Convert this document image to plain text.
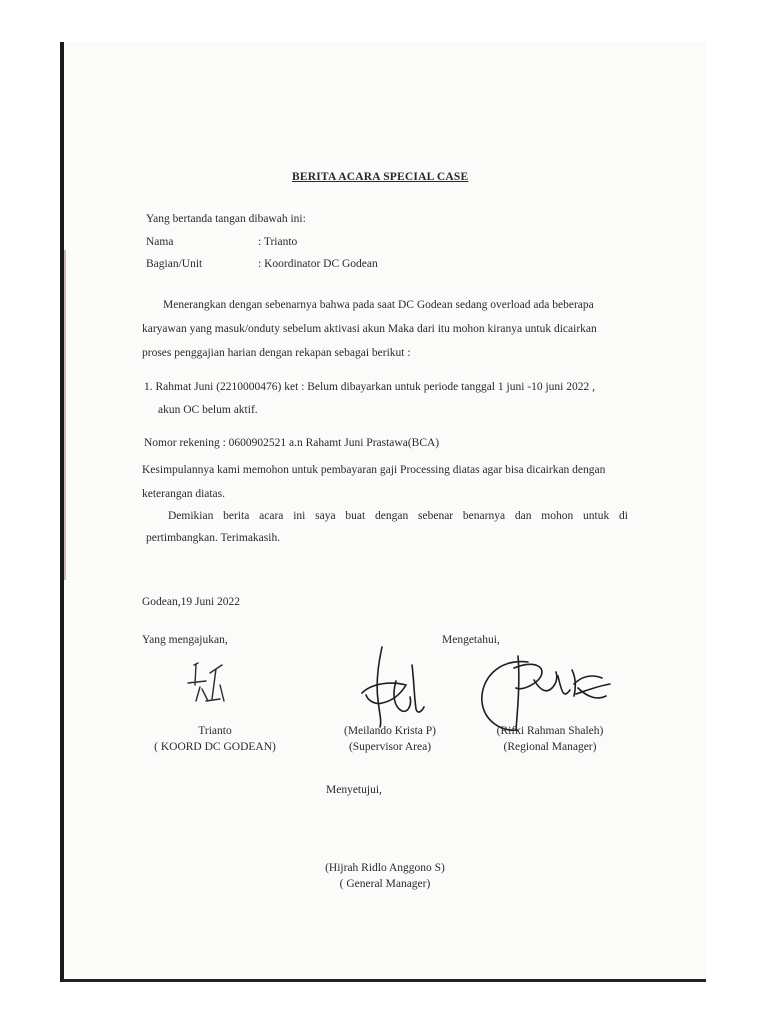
BERITA ACARA SPECIAL CASE
Yang bertanda tangan dibawah ini:
Nama	: Trianto
Bagian/Unit	: Koordinator DC Godean
Menerangkan dengan sebenarnya bahwa pada saat DC Godean sedang overload ada beberapa
karyawan yang masuk/onduty sebelum aktivasi akun Maka dari itu mohon kiranya untuk dicairkan
proses penggajian harian dengan rekapan sebagai berikut :
1. Rahmat Juni (2210000476) ket : Belum dibayarkan untuk periode tanggal 1 juni -10 juni 2022 ,
akun OC belum aktif.
Nomor rekening : 0600902521 a.n Rahamt Juni Prastawa(BCA)
Kesimpulannya kami memohon untuk pembayaran gaji Processing diatas agar bisa dicairkan dengan
keterangan diatas.
Demikian berita acara ini saya buat dengan sebenar benarnya dan mohon untuk di
pertimbangkan. Terimakasih.
Godean,19 Juni 2022
Yang mengajukan,	Mengetahui,
Trianto
( KOORD DC GODEAN)
(Meilando Krista P)
(Supervisor Area)
(Rifki Rahman Shaleh)
(Regional Manager)
Menyetujui,
(Hijrah Ridlo Anggono S)
( General Manager)
